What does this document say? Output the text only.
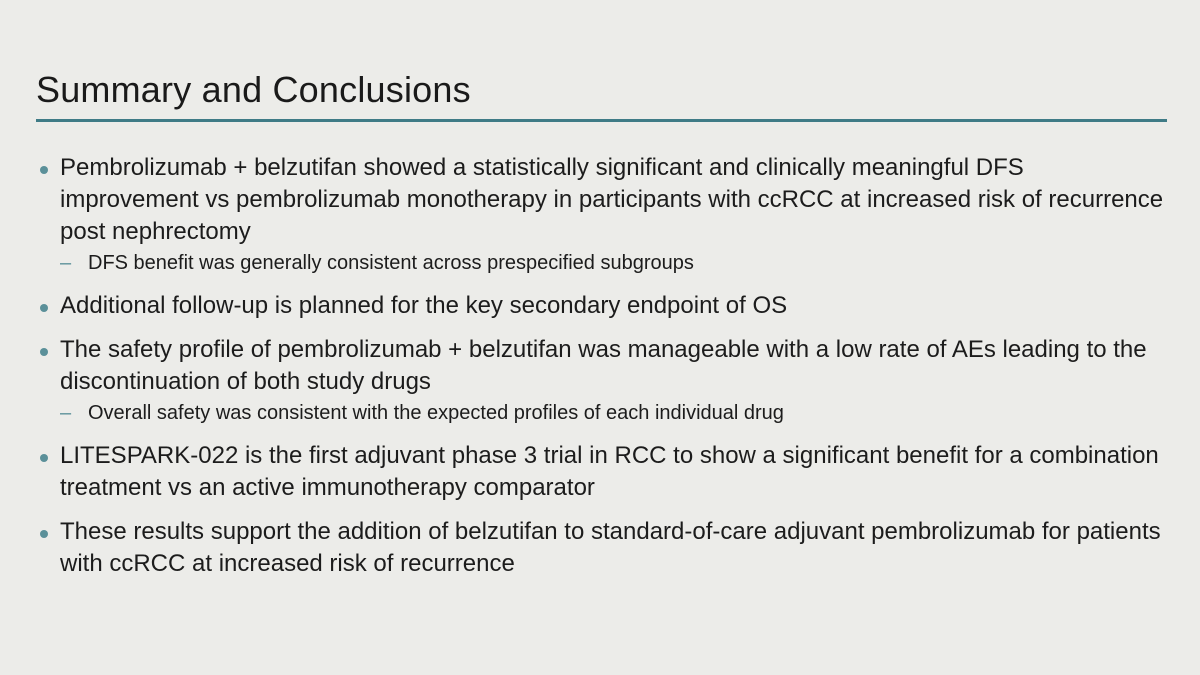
Summary and Conclusions
Pembrolizumab + belzutifan showed a statistically significant and clinically meaningful DFS improvement vs pembrolizumab monotherapy in participants with ccRCC at increased risk of recurrence post nephrectomy
– DFS benefit was generally consistent across prespecified subgroups
Additional follow-up is planned for the key secondary endpoint of OS
The safety profile of pembrolizumab + belzutifan was manageable with a low rate of AEs leading to the discontinuation of both study drugs
– Overall safety was consistent with the expected profiles of each individual drug
LITESPARK-022 is the first adjuvant phase 3 trial in RCC to show a significant benefit for a combination treatment vs an active immunotherapy comparator
These results support the addition of belzutifan to standard-of-care adjuvant pembrolizumab for patients with ccRCC at increased risk of recurrence
